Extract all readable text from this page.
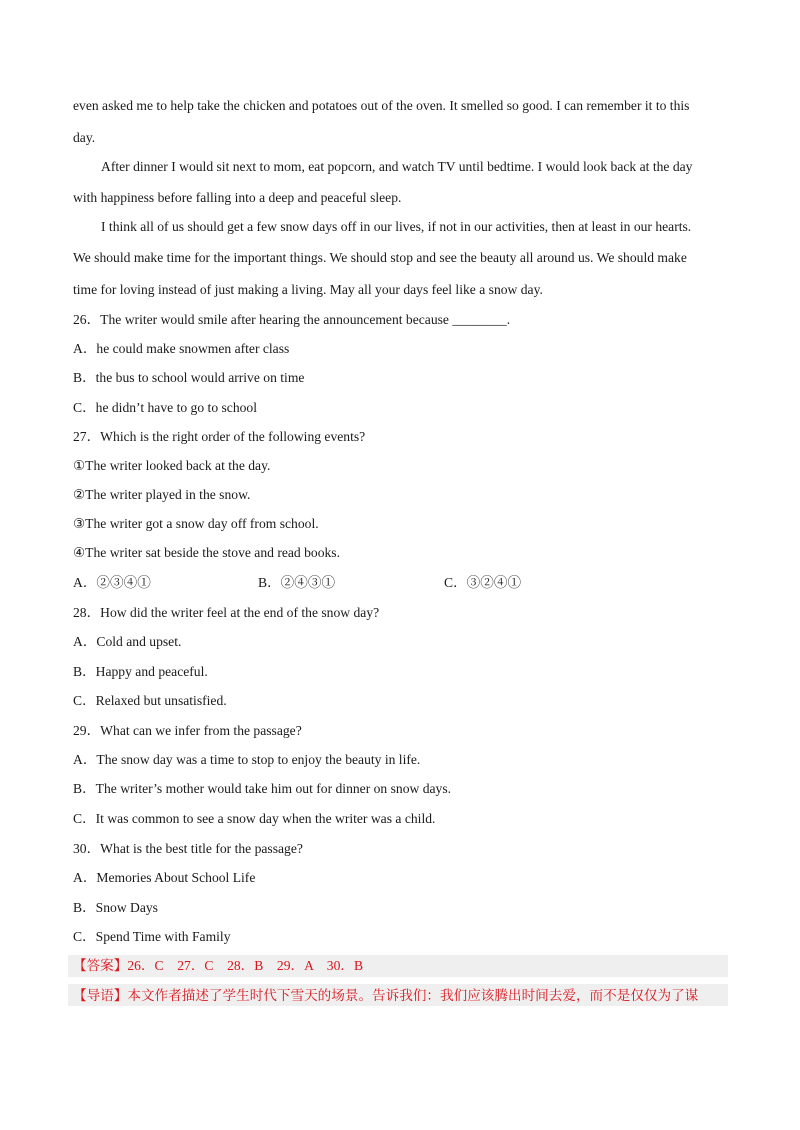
even asked me to help take the chicken and potatoes out of the oven. It smelled so good. I can remember it to this
day.
After dinner I would sit next to mom, eat popcorn, and watch TV until bedtime. I would look back at the day
with happiness before falling into a deep and peaceful sleep.
I think all of us should get a few snow days off in our lives, if not in our activities, then at least in our hearts.
We should make time for the important things. We should stop and see the beauty all around us. We should make
time for loving instead of just making a living. May all your days feel like a snow day.
26．The writer would smile after hearing the announcement because ________.
A．he could make snowmen after class
B．the bus to school would arrive on time
C．he didn’t have to go to school
27．Which is the right order of the following events?
①The writer looked back at the day.
②The writer played in the snow.
③The writer got a snow day off from school.
④The writer sat beside the stove and read books.
A．②③④①	B．②④③①	C．③②④①
28．How did the writer feel at the end of the snow day?
A．Cold and upset.
B．Happy and peaceful.
C．Relaxed but unsatisfied.
29．What can we infer from the passage?
A．The snow day was a time to stop to enjoy the beauty in life.
B．The writer’s mother would take him out for dinner on snow days.
C．It was common to see a snow day when the writer was a child.
30．What is the best title for the passage?
A．Memories About School Life
B．Snow Days
C．Spend Time with Family
【答案】26．C　27．C　28．B　29．A　30．B
【导语】本文作者描述了学生时代下雪天的场景。告诉我们：我们应该腾出时间去爱，而不是仅仅为了谋
